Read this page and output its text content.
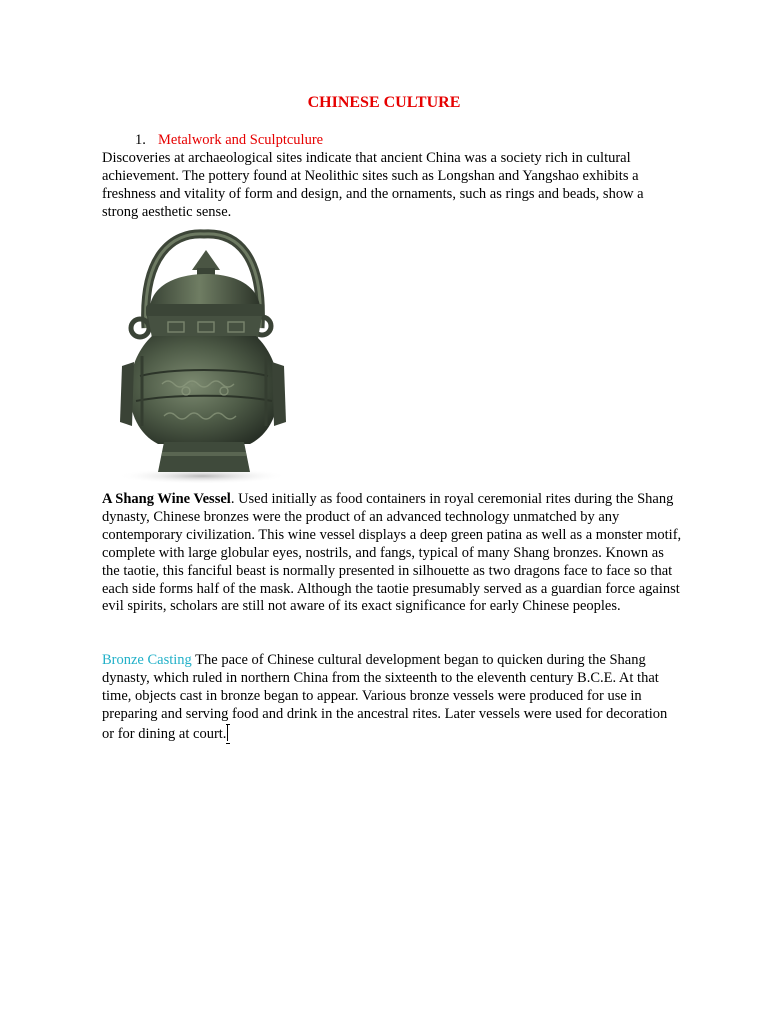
CHINESE CULTURE
1. Metalwork and Sculptculure

Discoveries at archaeological sites indicate that ancient China was a society rich in cultural achievement. The pottery found at Neolithic sites such as Longshan and Yangshao exhibits a freshness and vitality of form and design, and the ornaments, such as rings and beads, show a strong aesthetic sense.

A Shang Wine Vessel. Used initially as food containers in royal ceremonial rites during the Shang dynasty, Chinese bronzes were the product of an advanced technology unmatched by any contemporary civilization. This wine vessel displays a deep green patina as well as a monster motif, complete with large globular eyes, nostrils, and fangs, typical of many Shang bronzes. Known as the taotie, this fanciful beast is normally presented in silhouette as two dragons face to face so that each side forms half of the mask. Although the taotie presumably served as a guardian force against evil spirits, scholars are still not aware of its exact significance for early Chinese peoples.

Bronze Casting The pace of Chinese cultural development began to quicken during the Shang dynasty, which ruled in northern China from the sixteenth to the eleventh century B.C.E. At that time, objects cast in bronze began to appear. Various bronze vessels were produced for use in preparing and serving food and drink in the ancestral rites. Later vessels were used for decoration or for dining at court.
